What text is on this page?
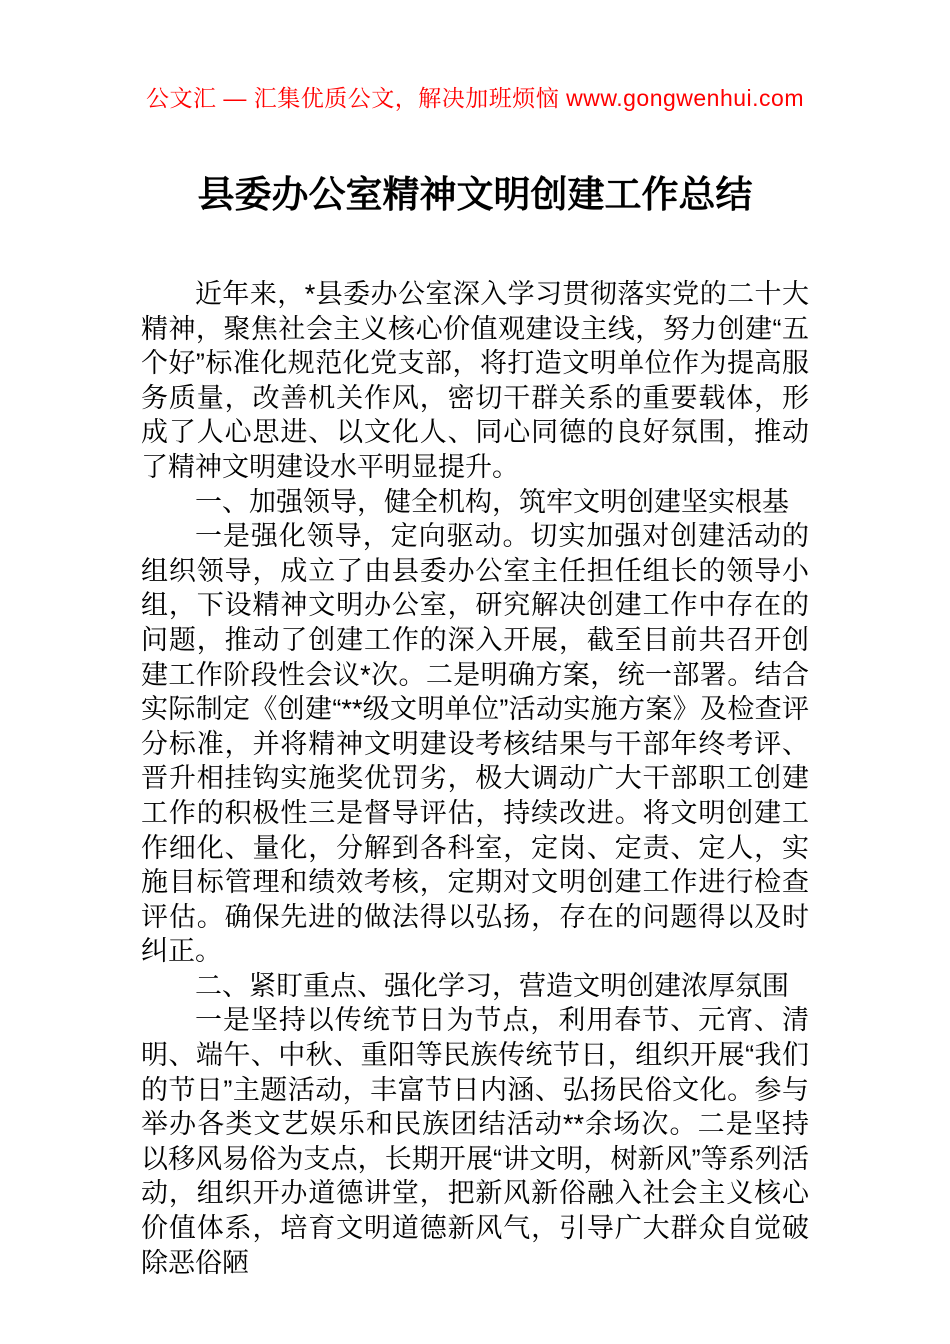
公文汇 — 汇集优质公文，解决加班烦恼 www.gongwenhui.com
县委办公室精神文明创建工作总结

近年来，*县委办公室深入学习贯彻落实党的二十大精神，聚焦社会主义核心价值观建设主线，努力创建“五个好”标准化规范化党支部，将打造文明单位作为提高服务质量，改善机关作风，密切干群关系的重要载体，形成了人心思进、以文化人、同心同德的良好氛围，推动了精神文明建设水平明显提升。

一、加强领导，健全机构，筑牢文明创建坚实根基

一是强化领导，定向驱动。切实加强对创建活动的组织领导，成立了由县委办公室主任担任组长的领导小组，下设精神文明办公室，研究解决创建工作中存在的问题，推动了创建工作的深入开展，截至目前共召开创建工作阶段性会议*次。二是明确方案，统一部署。结合实际制定《创建“**级文明单位”活动实施方案》及检查评分标准，并将精神文明建设考核结果与干部年终考评、晋升相挂钩实施奖优罚劣，极大调动广大干部职工创建工作的积极性三是督导评估，持续改进。将文明创建工作细化、量化，分解到各科室，定岗、定责、定人，实施目标管理和绩效考核，定期对文明创建工作进行检查评估。确保先进的做法得以弘扬，存在的问题得以及时纠正。

二、紧盯重点、强化学习，营造文明创建浓厚氛围

一是坚持以传统节日为节点，利用春节、元宵、清明、端午、中秋、重阳等民族传统节日，组织开展“我们的节日”主题活动，丰富节日内涵、弘扬民俗文化。参与举办各类文艺娱乐和民族团结活动**余场次。二是坚持以移风易俗为支点，长期开展“讲文明，树新风”等系列活动，组织开办道德讲堂，把新风新俗融入社会主义核心价值体系，培育文明道德新风气，引导广大群众自觉破除恶俗陋
